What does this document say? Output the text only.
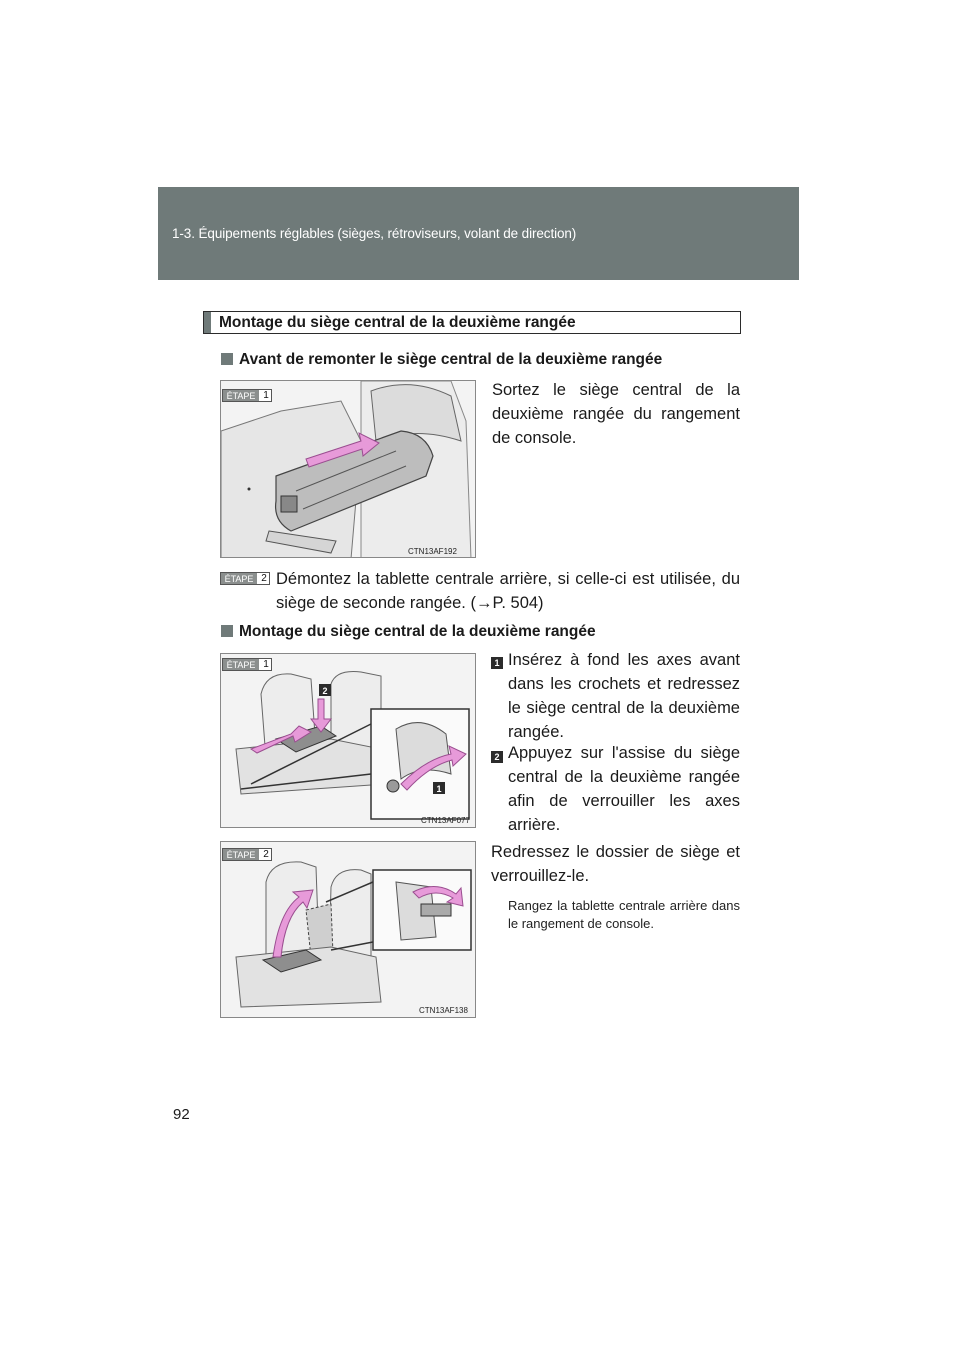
1-3. Équipements réglables (sièges, rétroviseurs, volant de direction)
Montage du siège central de la deuxième rangée
Avant de remonter le siège central de la deuxième rangée
CTN13AF192
ÉTAPE 1	Sortez le siège central de la deuxième rangée du rangement de console.
ÉTAPE 2 Démontez la tablette centrale arrière, si celle-ci est utilisée, du siège de seconde rangée. (→P. 504)
Montage du siège central de la deuxième rangée
2
1
CTN13AF077
ÉTAPE 1	1 Insérez à fond les axes avant dans les crochets et redressez le siège central de la deuxième rangée.
2 Appuyez sur l'assise du siège central de la deuxième rangée afin de verrouiller les axes arrière.
CTN13AF138
ÉTAPE 2	Redressez le dossier de siège et verrouillez-le.
Rangez la tablette centrale arrière dans le rangement de console.
92
